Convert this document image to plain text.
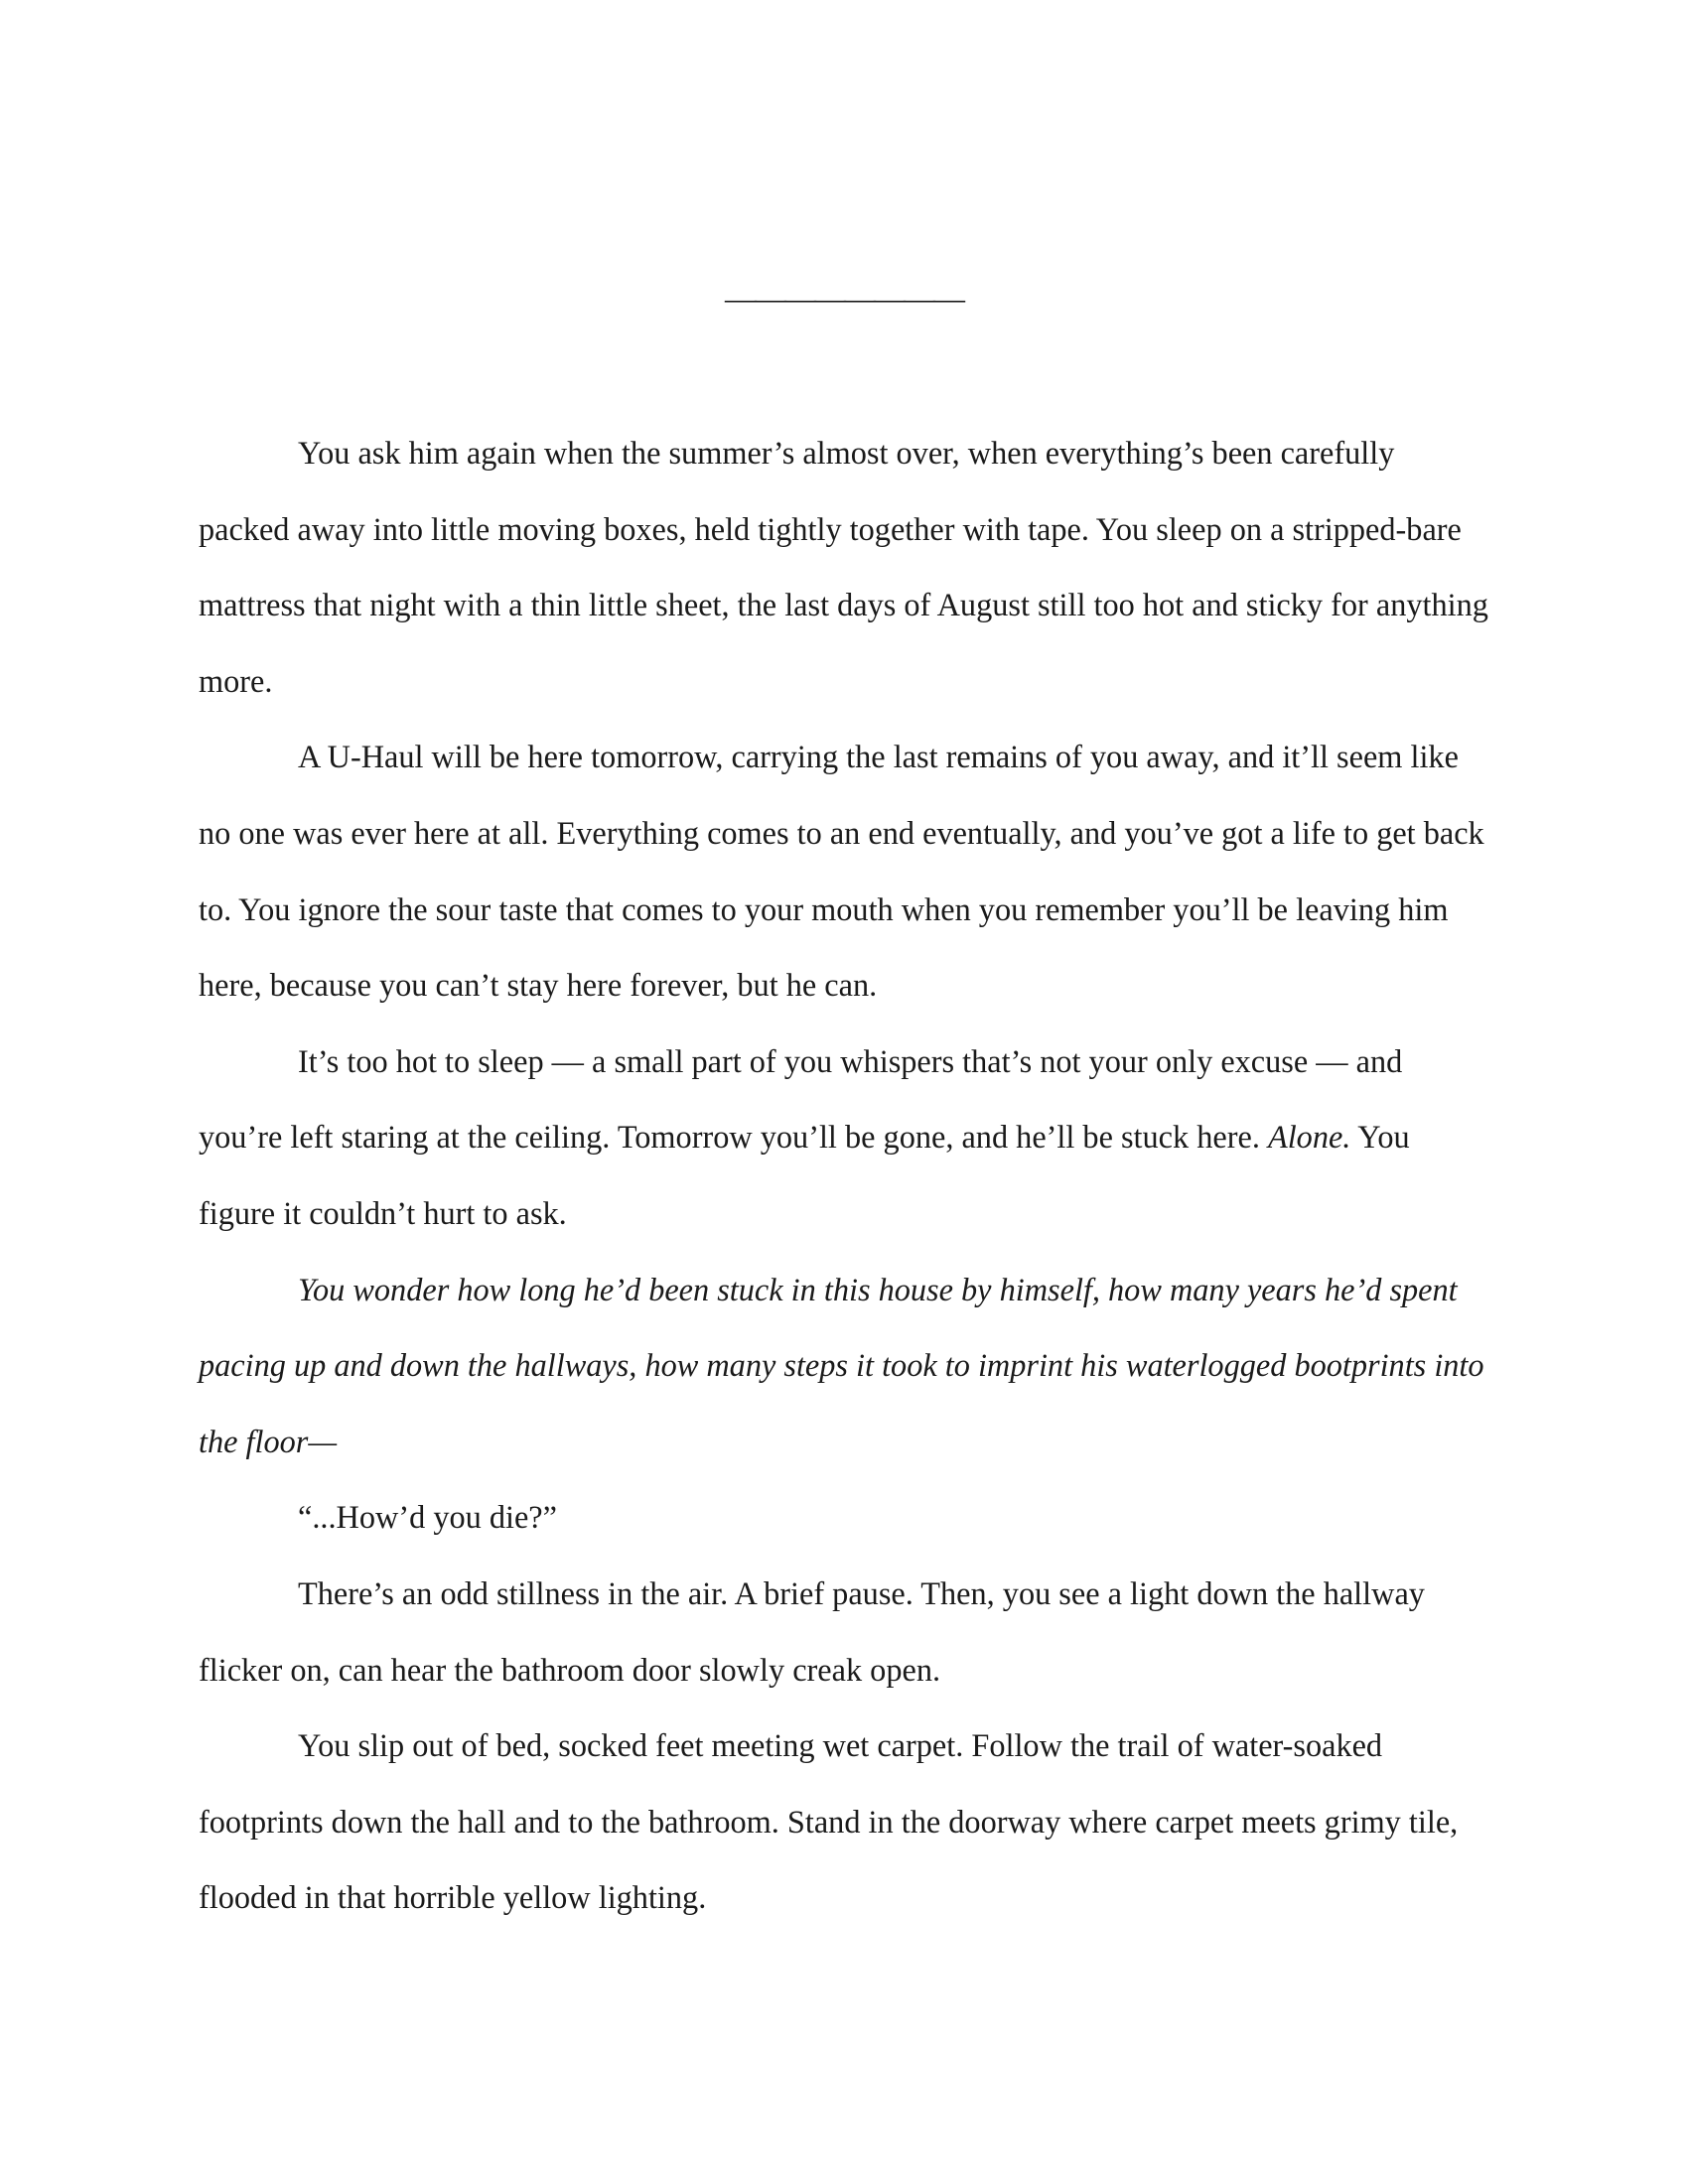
————————

You ask him again when the summer’s almost over, when everything’s been carefully packed away into little moving boxes, held tightly together with tape. You sleep on a stripped-bare mattress that night with a thin little sheet, the last days of August still too hot and sticky for anything more.

A U-Haul will be here tomorrow, carrying the last remains of you away, and it’ll seem like no one was ever here at all. Everything comes to an end eventually, and you’ve got a life to get back to. You ignore the sour taste that comes to your mouth when you remember you’ll be leaving him here, because you can’t stay here forever, but he can.

It’s too hot to sleep — a small part of you whispers that’s not your only excuse — and you’re left staring at the ceiling. Tomorrow you’ll be gone, and he’ll be stuck here. Alone. You figure it couldn’t hurt to ask.

You wonder how long he’d been stuck in this house by himself, how many years he’d spent pacing up and down the hallways, how many steps it took to imprint his waterlogged bootprints into the floor—

“...How’d you die?”

There’s an odd stillness in the air. A brief pause. Then, you see a light down the hallway flicker on, can hear the bathroom door slowly creak open.

You slip out of bed, socked feet meeting wet carpet. Follow the trail of water-soaked footprints down the hall and to the bathroom. Stand in the doorway where carpet meets grimy tile, flooded in that horrible yellow lighting.
